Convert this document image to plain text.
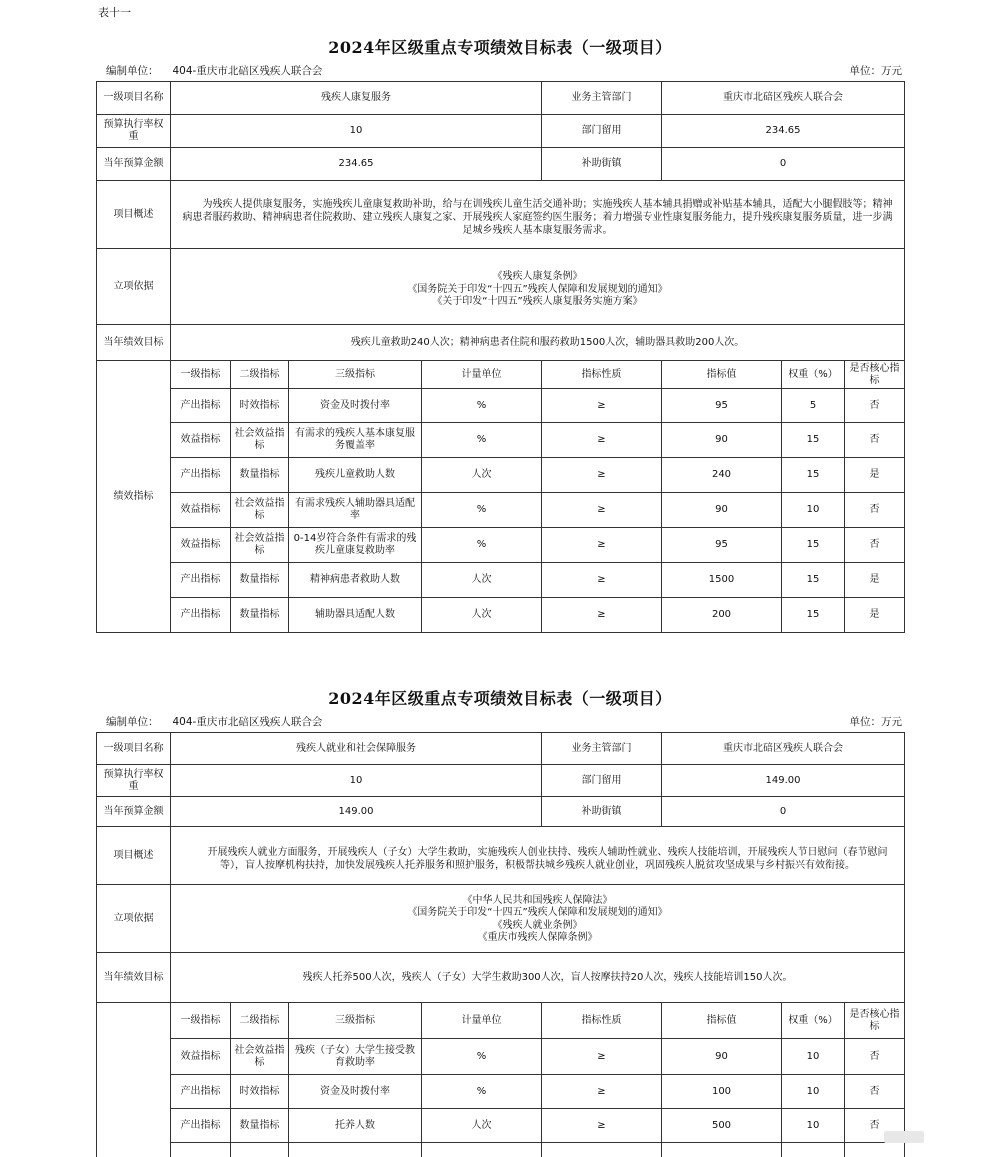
表十一
2024年区级重点专项绩效目标表（一级项目）
编制单位： 404-重庆市北碚区残疾人联合会	单位：万元
一级项目名称	残疾人康复服务				业务主管部门	重庆市北碚区残疾人联合会		
预算执行率权重	10				部门留用	234.65		
当年预算金额	234.65				补助街镇	0		
项目概述	为残疾人提供康复服务，实施残疾儿童康复救助补助，给与在训残疾儿童生活交通补助；实施残疾人基本辅具捐赠或补贴基本辅具，适配大小腿假肢等；精神病患者服药救助、精神病患者住院救助、建立残疾人康复之家、开展残疾人家庭签约医生服务；着力增强专业性康复服务能力，提升残疾康复服务质量，进一步满足城乡残疾人基本康复服务需求。							

立项依据	《残疾人康复条例》
《国务院关于印发“十四五”残疾人保障和发展规划的通知》
《关于印发“十四五”残疾人康复服务实施方案》							

当年绩效目标	残疾儿童救助240人次；精神病患者住院和服药救助1500人次，辅助器具救助200人次。							
绩效指标	一级指标	二级指标	三级指标	计量单位	指标性质	指标值	权重（%）	是否核心指标
	产出指标	时效指标	资金及时拨付率	%	≥	95	5	否
	效益指标	社会效益指标	有需求的残疾人基本康复服务覆盖率	%	≥	90	15	否
	产出指标	数量指标	残疾儿童救助人数	人次	≥	240	15	是
	效益指标	社会效益指标	有需求残疾人辅助器具适配率	%	≥	90	10	否
	效益指标	社会效益指标	0-14岁符合条件有需求的残疾儿童康复救助率	%	≥	95	15	否
	产出指标	数量指标	精神病患者救助人数	人次	≥	1500	15	是
	产出指标	数量指标	辅助器具适配人数	人次	≥	200	15	是
2024年区级重点专项绩效目标表（一级项目）
编制单位： 404-重庆市北碚区残疾人联合会	单位：万元
一级项目名称	残疾人就业和社会保障服务				业务主管部门	重庆市北碚区残疾人联合会		
预算执行率权重	10				部门留用	149.00		
当年预算金额	149.00				补助街镇	0		
项目概述	开展残疾人就业方面服务，开展残疾人（子女）大学生救助，实施残疾人创业扶持、残疾人辅助性就业、残疾人技能培训，开展残疾人节日慰问（春节慰问等），盲人按摩机构扶持，加快发展残疾人托养服务和照护服务，积极帮扶城乡残疾人就业创业，巩固残疾人脱贫攻坚成果与乡村振兴有效衔接。							

立项依据	《中华人民共和国残疾人保障法》
《国务院关于印发“十四五”残疾人保障和发展规划的通知》
《残疾人就业条例》
《重庆市残疾人保障条例》							

当年绩效目标	残疾人托养500人次，残疾人（子女）大学生救助300人次，盲人按摩扶持20人次，残疾人技能培训150人次。							
	一级指标	二级指标	三级指标	计量单位	指标性质	指标值	权重（%）	是否核心指标
	效益指标	社会效益指标	残疾（子女）大学生接受教育救助率	%	≥	90	10	否
	产出指标	时效指标	资金及时拨付率	%	≥	100	10	否
	产出指标	数量指标	托养人数	人次	≥	500	10	否
